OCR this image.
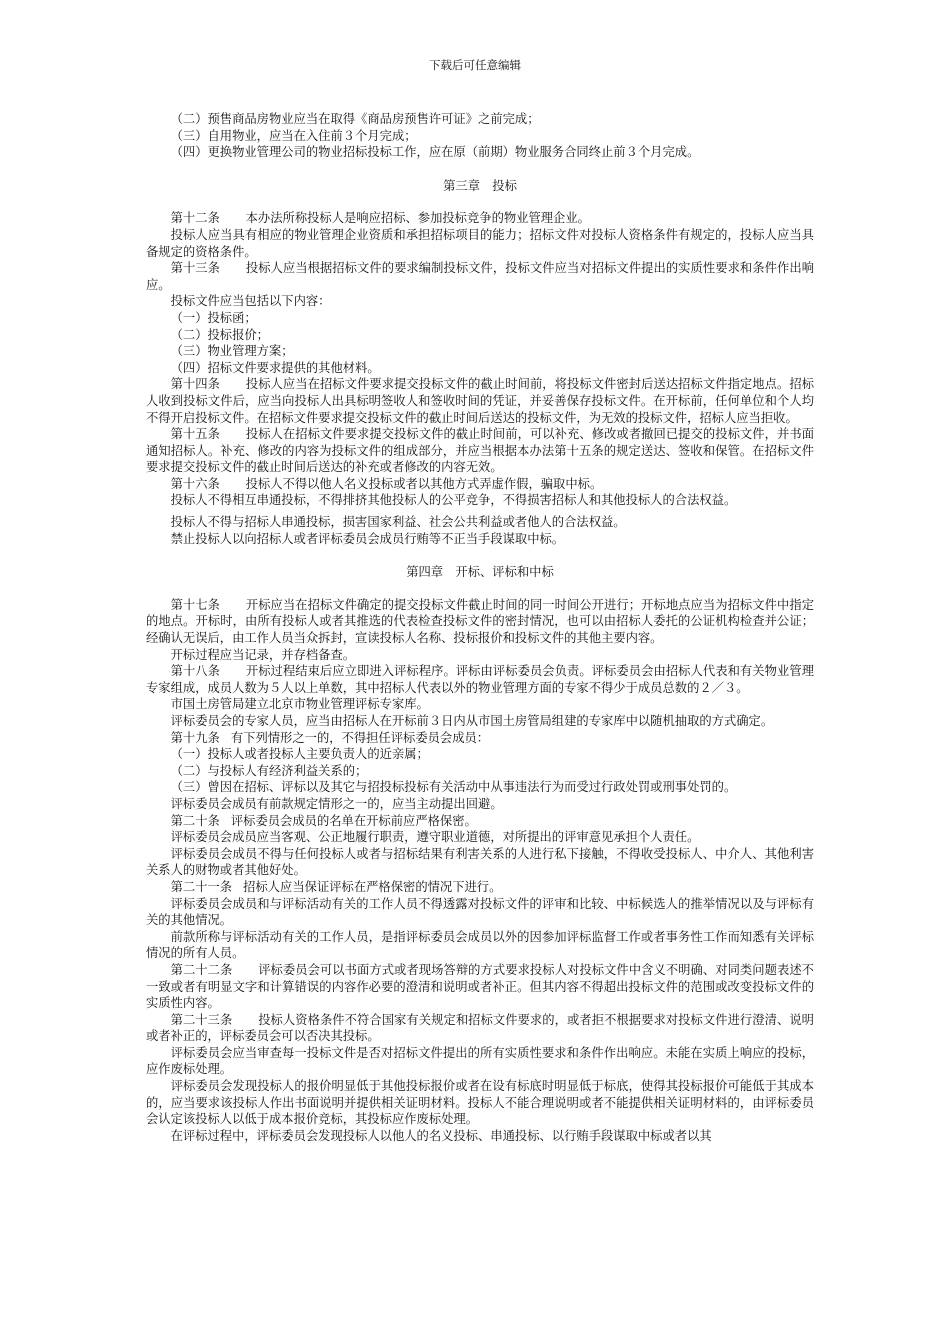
下载后可任意编辑

（二）预售商品房物业应当在取得《商品房预售许可证》之前完成；

（三）自用物业，应当在入住前３个月完成；

（四）更换物业管理公司的物业招标投标工作，应在原（前期）物业服务合同终止前３个月完成。

第三章　投标

第十二条 本办法所称投标人是响应招标、参加投标竞争的物业管理企业。

投标人应当具有相应的物业管理企业资质和承担招标项目的能力；招标文件对投标人资格条件有规定的，投标人应当具备规定的资格条件。

第十三条 投标人应当根据招标文件的要求编制投标文件，投标文件应当对招标文件提出的实质性要求和条件作出响应。

投标文件应当包括以下内容：

（一）投标函；

（二）投标报价；

（三）物业管理方案；

（四）招标文件要求提供的其他材料。

第十四条 投标人应当在招标文件要求提交投标文件的截止时间前，将投标文件密封后送达招标文件指定地点。招标人收到投标文件后，应当向投标人出具标明签收人和签收时间的凭证，并妥善保存投标文件。在开标前，任何单位和个人均不得开启投标文件。在招标文件要求提交投标文件的截止时间后送达的投标文件，为无效的投标文件，招标人应当拒收。

第十五条 投标人在招标文件要求提交投标文件的截止时间前，可以补充、修改或者撤回已提交的投标文件，并书面通知招标人。补充、修改的内容为投标文件的组成部分，并应当根据本办法第十五条的规定送达、签收和保管。在招标文件要求提交投标文件的截止时间后送达的补充或者修改的内容无效。

第十六条 投标人不得以他人名义投标或者以其他方式弄虚作假，骗取中标。

投标人不得相互串通投标，不得排挤其他投标人的公平竞争，不得损害招标人和其他投标人的合法权益。

投标人不得与招标人串通投标，损害国家利益、社会公共利益或者他人的合法权益。

禁止投标人以向招标人或者评标委员会成员行贿等不正当手段谋取中标。

第四章　开标、评标和中标

第十七条 开标应当在招标文件确定的提交投标文件截止时间的同一时间公开进行；开标地点应当为招标文件中指定的地点。开标时，由所有投标人或者其推选的代表检查投标文件的密封情况，也可以由招标人委托的公证机构检查并公证；经确认无误后，由工作人员当众拆封，宣读投标人名称、投标报价和投标文件的其他主要内容。

开标过程应当记录，并存档备查。

第十八条 开标过程结束后应立即进入评标程序。评标由评标委员会负责。评标委员会由招标人代表和有关物业管理专家组成，成员人数为５人以上单数，其中招标人代表以外的物业管理方面的专家不得少于成员总数的２／３。

市国土房管局建立北京市物业管理评标专家库。

评标委员会的专家人员，应当由招标人在开标前３日内从市国土房管局组建的专家库中以随机抽取的方式确定。

第十九条 有下列情形之一的，不得担任评标委员会成员：

（一）投标人或者投标人主要负责人的近亲属；

（二）与投标人有经济利益关系的；

（三）曾因在招标、评标以及其它与招投标投标有关活动中从事违法行为而受过行政处罚或刑事处罚的。

评标委员会成员有前款规定情形之一的，应当主动提出回避。

第二十条 评标委员会成员的名单在开标前应严格保密。

评标委员会成员应当客观、公正地履行职责，遵守职业道德，对所提出的评审意见承担个人责任。

评标委员会成员不得与任何投标人或者与招标结果有利害关系的人进行私下接触，不得收受投标人、中介人、其他利害关系人的财物或者其他好处。

第二十一条 招标人应当保证评标在严格保密的情况下进行。

评标委员会成员和与评标活动有关的工作人员不得透露对投标文件的评审和比较、中标候选人的推举情况以及与评标有关的其他情况。

前款所称与评标活动有关的工作人员，是指评标委员会成员以外的因参加评标监督工作或者事务性工作而知悉有关评标情况的所有人员。

第二十二条 评标委员会可以书面方式或者现场答辩的方式要求投标人对投标文件中含义不明确、对同类问题表述不一致或者有明显文字和计算错误的内容作必要的澄清和说明或者补正。但其内容不得超出投标文件的范围或改变投标文件的实质性内容。

第二十三条 投标人资格条件不符合国家有关规定和招标文件要求的，或者拒不根据要求对投标文件进行澄清、说明或者补正的，评标委员会可以否决其投标。

评标委员会应当审查每一投标文件是否对招标文件提出的所有实质性要求和条件作出响应。未能在实质上响应的投标，应作废标处理。

评标委员会发现投标人的报价明显低于其他投标报价或者在设有标底时明显低于标底，使得其投标报价可能低于其成本的，应当要求该投标人作出书面说明并提供相关证明材料。投标人不能合理说明或者不能提供相关证明材料的，由评标委员会认定该投标人以低于成本报价竞标，其投标应作废标处理。

在评标过程中，评标委员会发现投标人以他人的名义投标、串通投标、以行贿手段谋取中标或者以其
